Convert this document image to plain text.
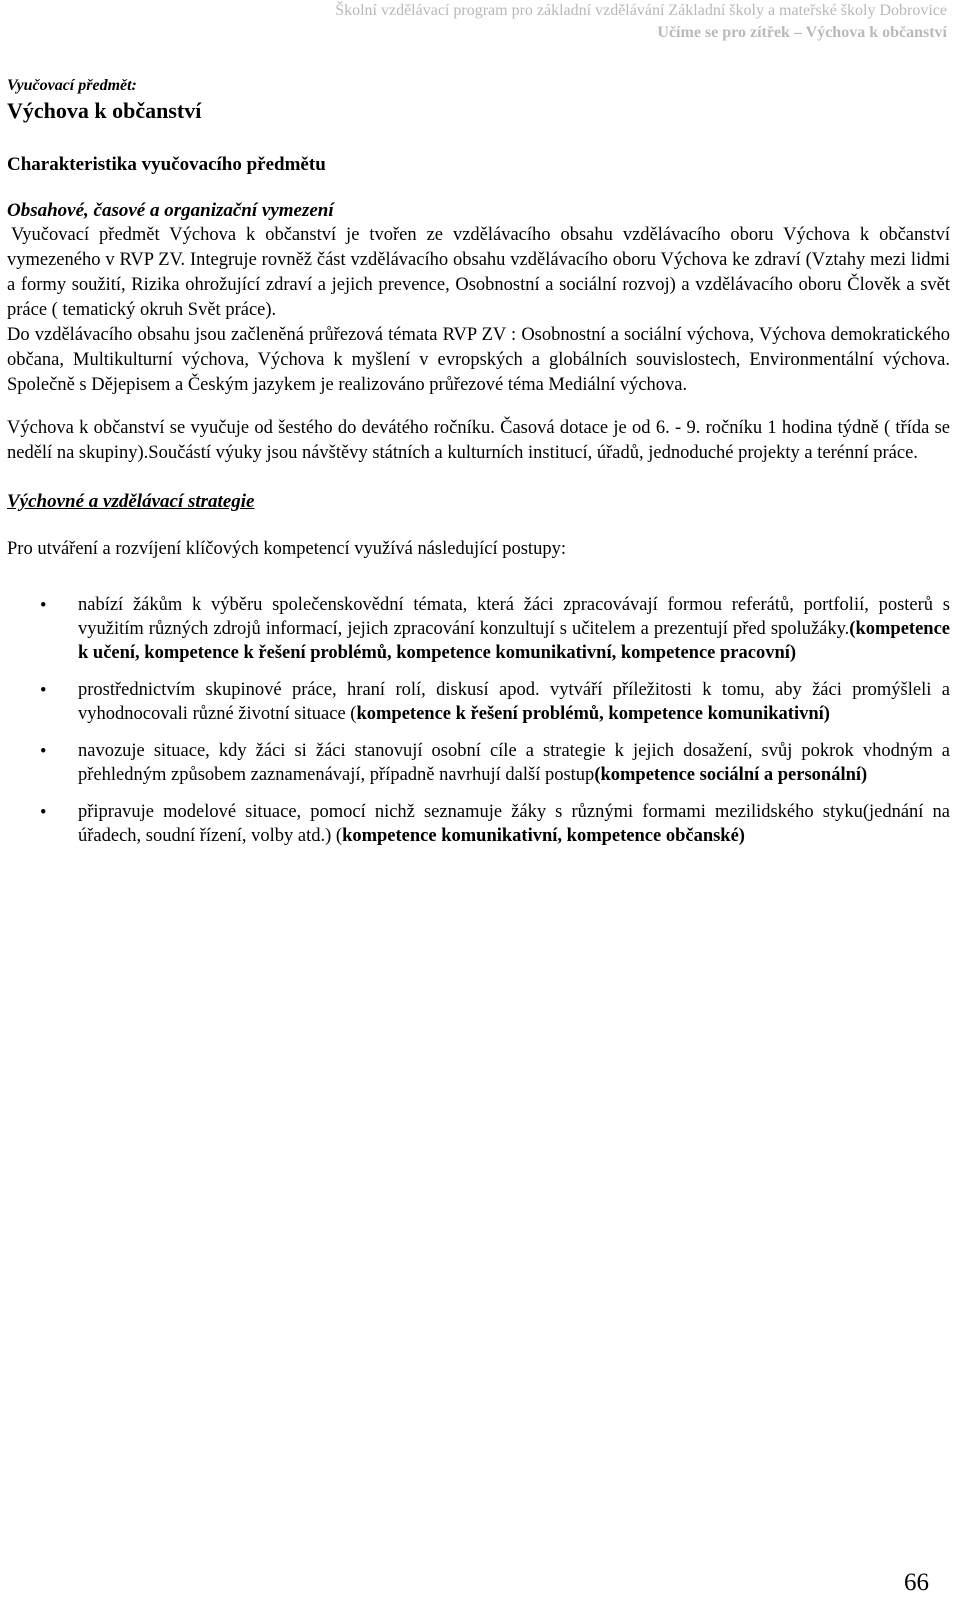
Školní vzdělávací program pro základní vzdělávání Základní školy a mateřské školy Dobrovice
Učíme se pro zítřek – Výchova k občanství
Vyučovací předmět:
Výchova k občanství
Charakteristika vyučovacího předmětu
Obsahové, časové a organizační vymezení

Vyučovací předmět Výchova k občanství je tvořen ze vzdělávacího obsahu vzdělávacího oboru Výchova k občanství vymezeného v RVP ZV. Integruje rovněž část vzdělávacího obsahu vzdělávacího oboru Výchova ke zdraví (Vztahy mezi lidmi a formy soužití, Rizika ohrožující zdraví a jejich prevence, Osobnostní a sociální rozvoj) a vzdělávacího oboru Člověk a svět práce ( tematický okruh Svět práce).

Do vzdělávacího obsahu jsou začleněná průřezová témata RVP ZV : Osobnostní a sociální výchova, Výchova demokratického občana, Multikulturní výchova, Výchova k myšlení v evropských a globálních souvislostech, Environmentální výchova. Společně s Dějepisem a Českým jazykem je realizováno průřezové téma Mediální výchova.

Výchova k občanství se vyučuje od šestého do devátého ročníku. Časová dotace je od 6. - 9. ročníku 1 hodina týdně ( třída se nedělí na skupiny).Součástí výuky jsou návštěvy státních a kulturních institucí, úřadů, jednoduché projekty a terénní práce.

Výchovné a vzdělávací strategie

Pro utváření a rozvíjení klíčových kompetencí využívá následující postupy:

• nabízí žákům k výběru společenskovědní témata, která žáci zpracovávají formou referátů, portfolií, posterů s využitím různých zdrojů informací, jejich zpracování konzultují s učitelem a prezentují před spolužáky.(kompetence k učení, kompetence k řešení problémů, kompetence komunikativní, kompetence pracovní)
• prostřednictvím skupinové práce, hraní rolí, diskusí apod. vytváří příležitosti k tomu, aby žáci promýšleli a vyhodnocovali různé životní situace (kompetence k řešení problémů, kompetence komunikativní)
• navozuje situace, kdy žáci si žáci stanovují osobní cíle a strategie k jejich dosažení, svůj pokrok vhodným a přehledným způsobem zaznamenávají, případně navrhují další postup(kompetence sociální a personální)
• připravuje modelové situace, pomocí nichž seznamuje žáky s různými formami mezilidského styku(jednání na úřadech, soudní řízení, volby atd.) (kompetence komunikativní, kompetence občanské)
66
